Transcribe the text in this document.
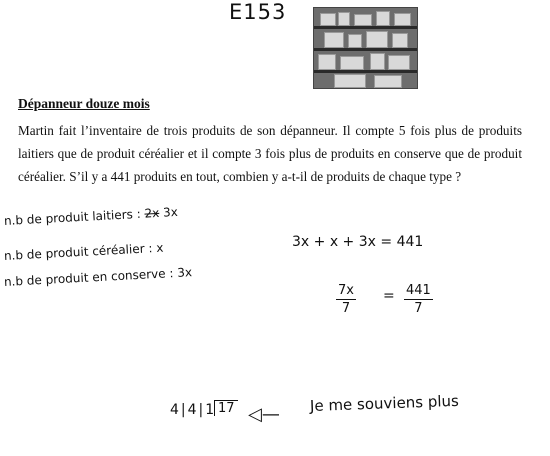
E153
Dépanneur douze mois

Martin fait l’inventaire de trois produits de son dépanneur. Il compte 5 fois plus de produits laitiers que de produit céréalier et il compte 3 fois plus de produits en conserve que de produit céréalier. S’il y a 441 produits en tout, combien y a-t-il de produits de chaque type ?

n.b de produit laitiers : 2x 3x
n.b de produit céréalier : x
n.b de produit en conserve : 3x
3x + x + 3x = 441
$\frac{7x}{7} = \frac{441}{7}$
4|4|1 17 ◁— Je me souviens plus
